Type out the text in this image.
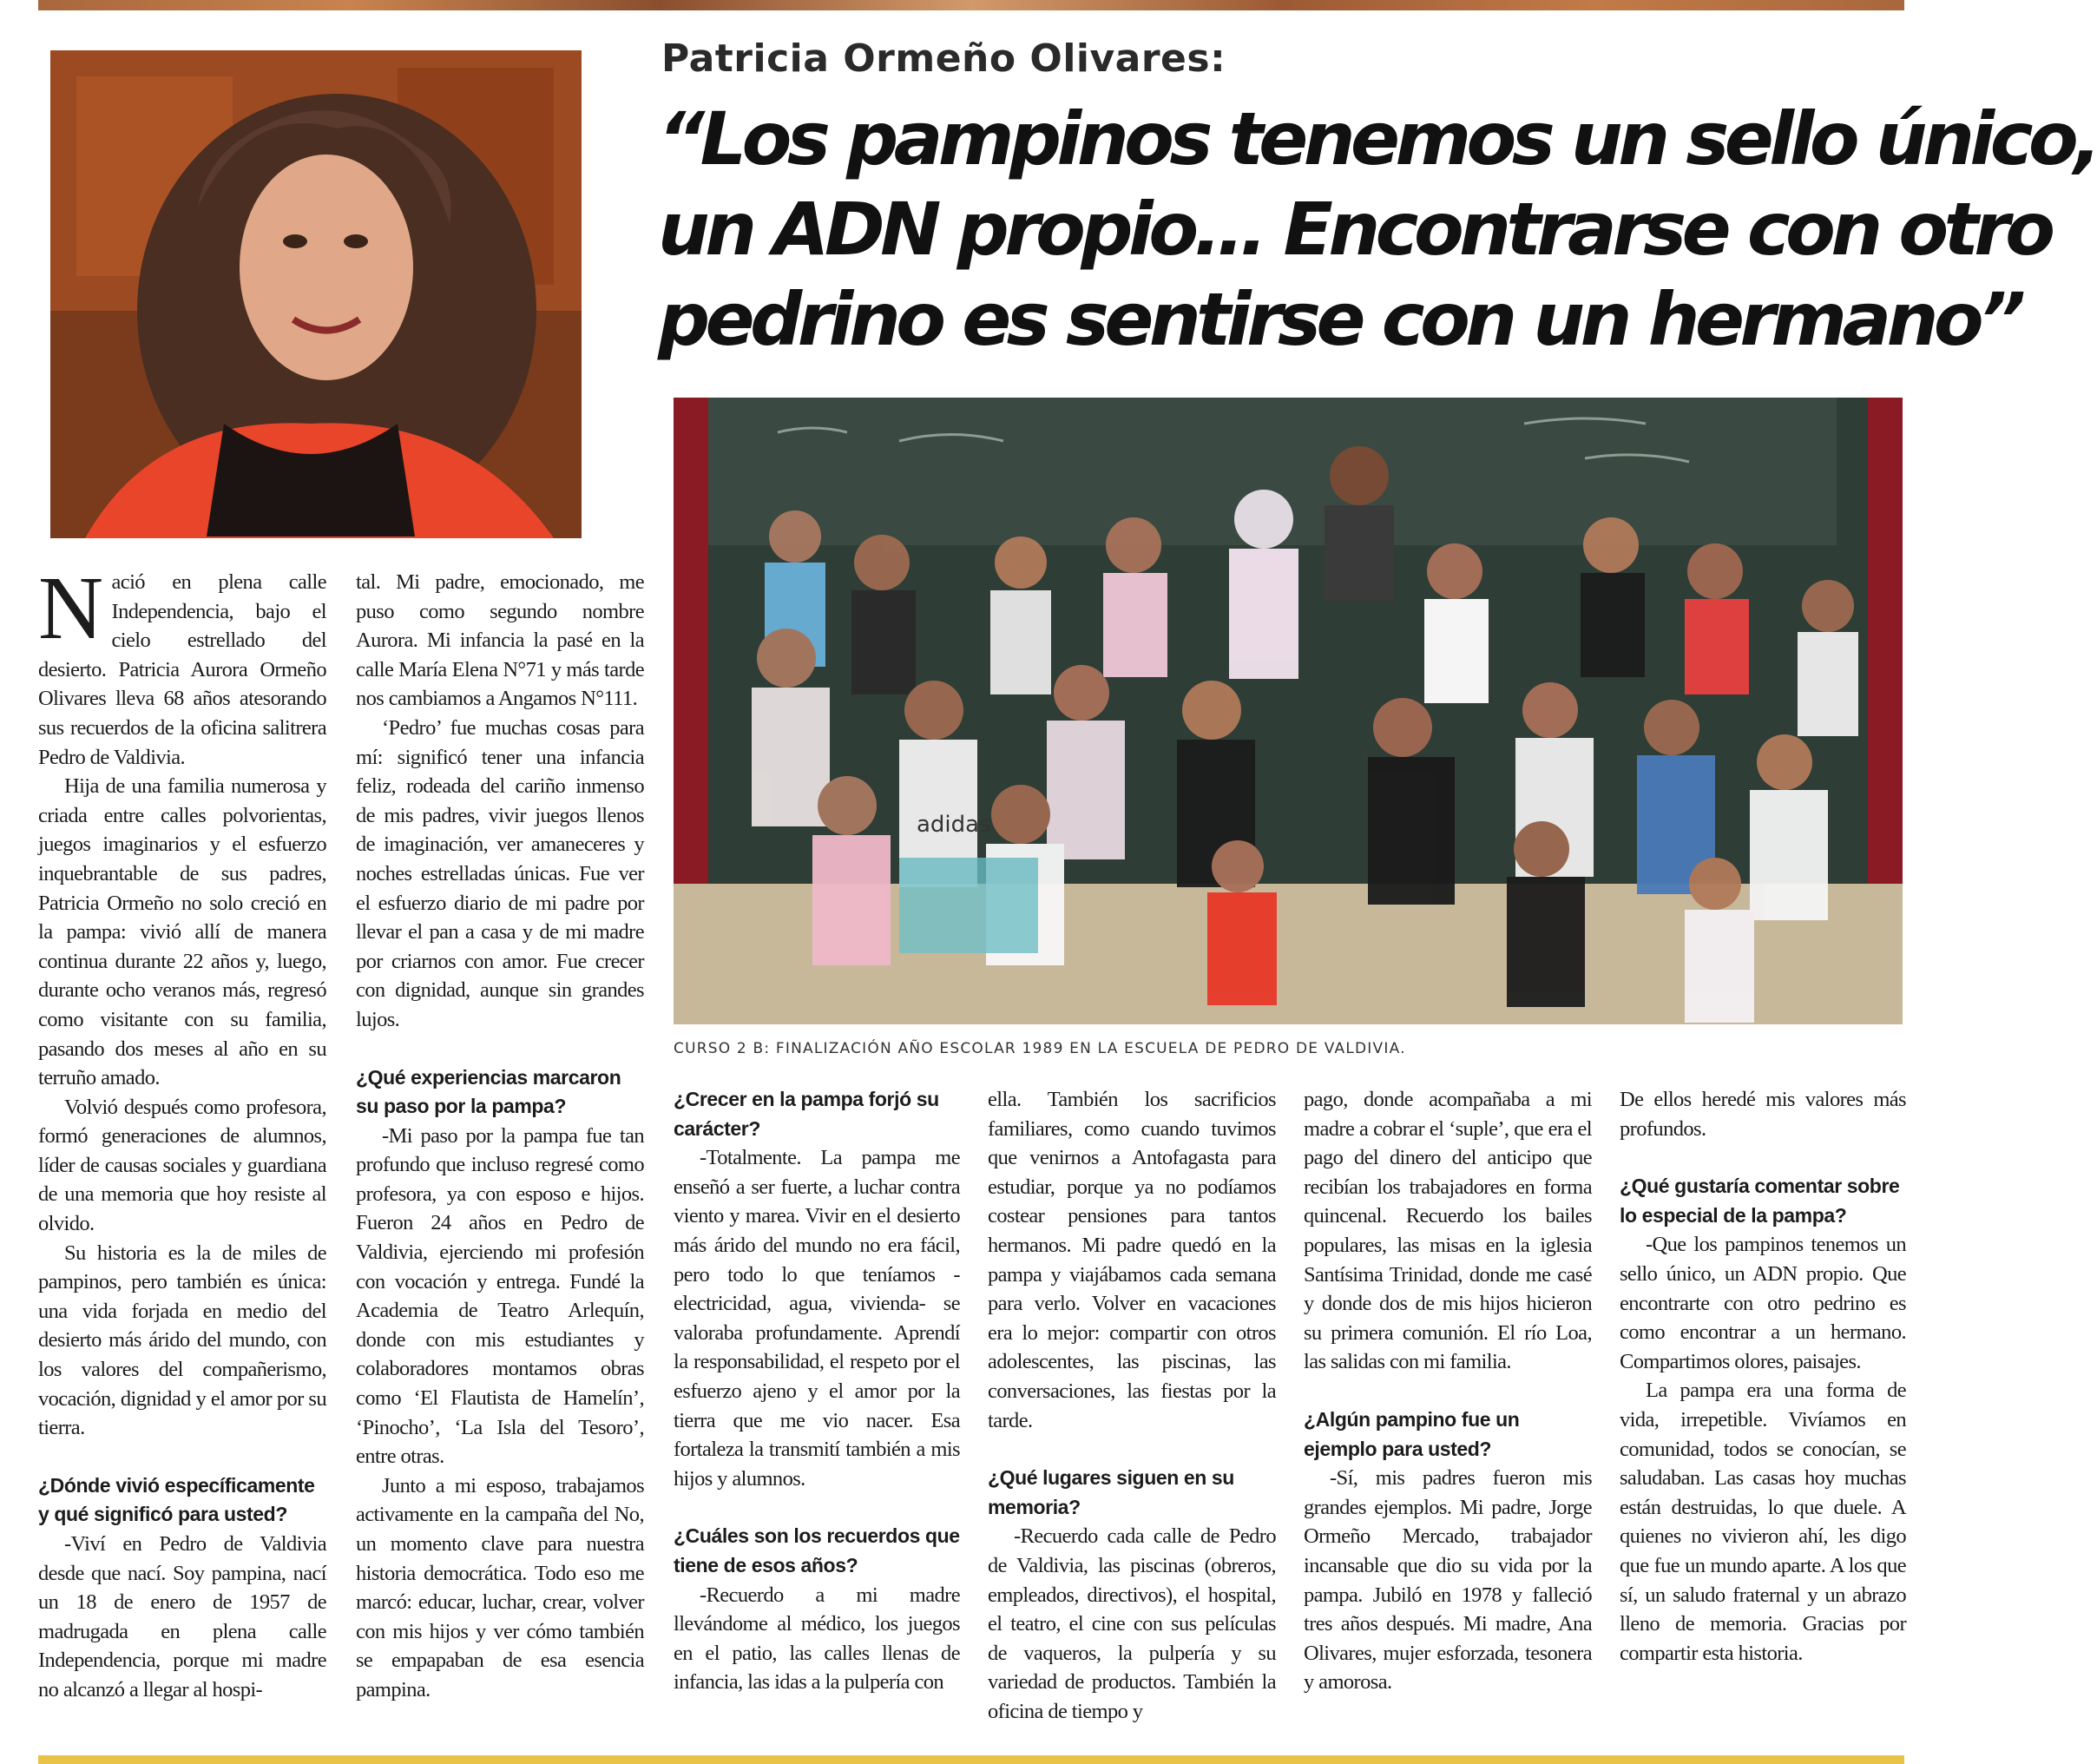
Patricia Ormeño Olivares:
“Los pampinos tenemos un sello único,
un ADN propio... Encontrarse con otro
pedrino es sentirse con un hermano”
adidas
CURSO 2 B: FINALIZACIÓN AÑO ESCOLAR 1989 EN LA ESCUELA DE PEDRO DE VALDIVIA.

Nació en plena calle Independencia, bajo el cielo estrellado del desierto. Patricia Aurora Ormeño Olivares lleva 68 años atesorando sus recuerdos de la oficina salitrera Pedro de Valdivia.

Hija de una familia numerosa y criada entre calles polvorientas, juegos imaginarios y el esfuerzo inquebrantable de sus padres, Patricia Ormeño no solo creció en la pampa: vivió allí de manera continua durante 22 años y, luego, durante ocho veranos más, regresó como visitante con su familia, pasando dos meses al año en su terruño amado.

Volvió después como profesora, formó generaciones de alumnos, líder de causas sociales y guardiana de una memoria que hoy resiste al olvido.

Su historia es la de miles de pampinos, pero también es única: una vida forjada en medio del desierto más árido del mundo, con los valores del compañerismo, vocación, dignidad y el amor por su tierra.

¿Dónde vivió específicamente y qué significó para usted?

-Viví en Pedro de Valdivia desde que nací. Soy pampina, nací un 18 de enero de 1957 de madrugada en plena calle Independencia, porque mi madre no alcanzó a llegar al hospi-

tal. Mi padre, emocionado, me puso como segundo nombre Aurora. Mi infancia la pasé en la calle María Elena N°71 y más tarde nos cambiamos a Angamos N°111.

‘Pedro’ fue muchas cosas para mí: significó tener una infancia feliz, rodeada del cariño inmenso de mis padres, vivir juegos llenos de imaginación, ver amaneceres y noches estrelladas únicas. Fue ver el esfuerzo diario de mi padre por llevar el pan a casa y de mi madre por criarnos con amor. Fue crecer con dignidad, aunque sin grandes lujos.

¿Qué experiencias marcaron su paso por la pampa?

-Mi paso por la pampa fue tan profundo que incluso regresé como profesora, ya con esposo e hijos. Fueron 24 años en Pedro de Valdivia, ejerciendo mi profesión con vocación y entrega. Fundé la Academia de Teatro Arlequín, donde con mis estudiantes y colaboradores montamos obras como ‘El Flautista de Hamelín’, ‘Pinocho’, ‘La Isla del Tesoro’, entre otras.

Junto a mi esposo, trabajamos activamente en la campaña del No, un momento clave para nuestra historia democrática. Todo eso me marcó: educar, luchar, crear, volver con mis hijos y ver cómo también se empapaban de esa esencia pampina.

¿Crecer en la pampa forjó su carácter?

-Totalmente. La pampa me enseñó a ser fuerte, a luchar contra viento y marea. Vivir en el desierto más árido del mundo no era fácil, pero todo lo que teníamos -electricidad, agua, vivienda- se valoraba profundamente. Aprendí la responsabilidad, el respeto por el esfuerzo ajeno y el amor por la tierra que me vio nacer. Esa fortaleza la transmití también a mis hijos y alumnos.

¿Cuáles son los recuerdos que tiene de esos años?

-Recuerdo a mi madre llevándome al médico, los juegos en el patio, las calles llenas de infancia, las idas a la pulpería con

ella. También los sacrificios familiares, como cuando tuvimos que venirnos a Antofagasta para estudiar, porque ya no podíamos costear pensiones para tantos hermanos. Mi padre quedó en la pampa y viajábamos cada semana para verlo. Volver en vacaciones era lo mejor: compartir con otros adolescentes, las piscinas, las conversaciones, las fiestas por la tarde.

¿Qué lugares siguen en su memoria?

-Recuerdo cada calle de Pedro de Valdivia, las piscinas (obreros, empleados, directivos), el hospital, el teatro, el cine con sus películas de vaqueros, la pulpería y su variedad de productos. También la oficina de tiempo y

pago, donde acompañaba a mi madre a cobrar el ‘suple’, que era el pago del dinero del anticipo que recibían los trabajadores en forma quincenal. Recuerdo los bailes populares, las misas en la iglesia Santísima Trinidad, donde me casé y donde dos de mis hijos hicieron su primera comunión. El río Loa, las salidas con mi familia.

¿Algún pampino fue un ejemplo para usted?

-Sí, mis padres fueron mis grandes ejemplos. Mi padre, Jorge Ormeño Mercado, trabajador incansable que dio su vida por la pampa. Jubiló en 1978 y falleció tres años después. Mi madre, Ana Olivares, mujer esforzada, tesonera y amorosa.

De ellos heredé mis valores más profundos.

¿Qué gustaría comentar sobre lo especial de la pampa?

-Que los pampinos tenemos un sello único, un ADN propio. Que encontrarte con otro pedrino es como encontrar a un hermano. Compartimos olores, paisajes.

La pampa era una forma de vida, irrepetible. Vivíamos en comunidad, todos se conocían, se saludaban. Las casas hoy muchas están destruidas, lo que duele. A quienes no vivieron ahí, les digo que fue un mundo aparte. A los que sí, un saludo fraternal y un abrazo lleno de memoria. Gracias por compartir esta historia.
